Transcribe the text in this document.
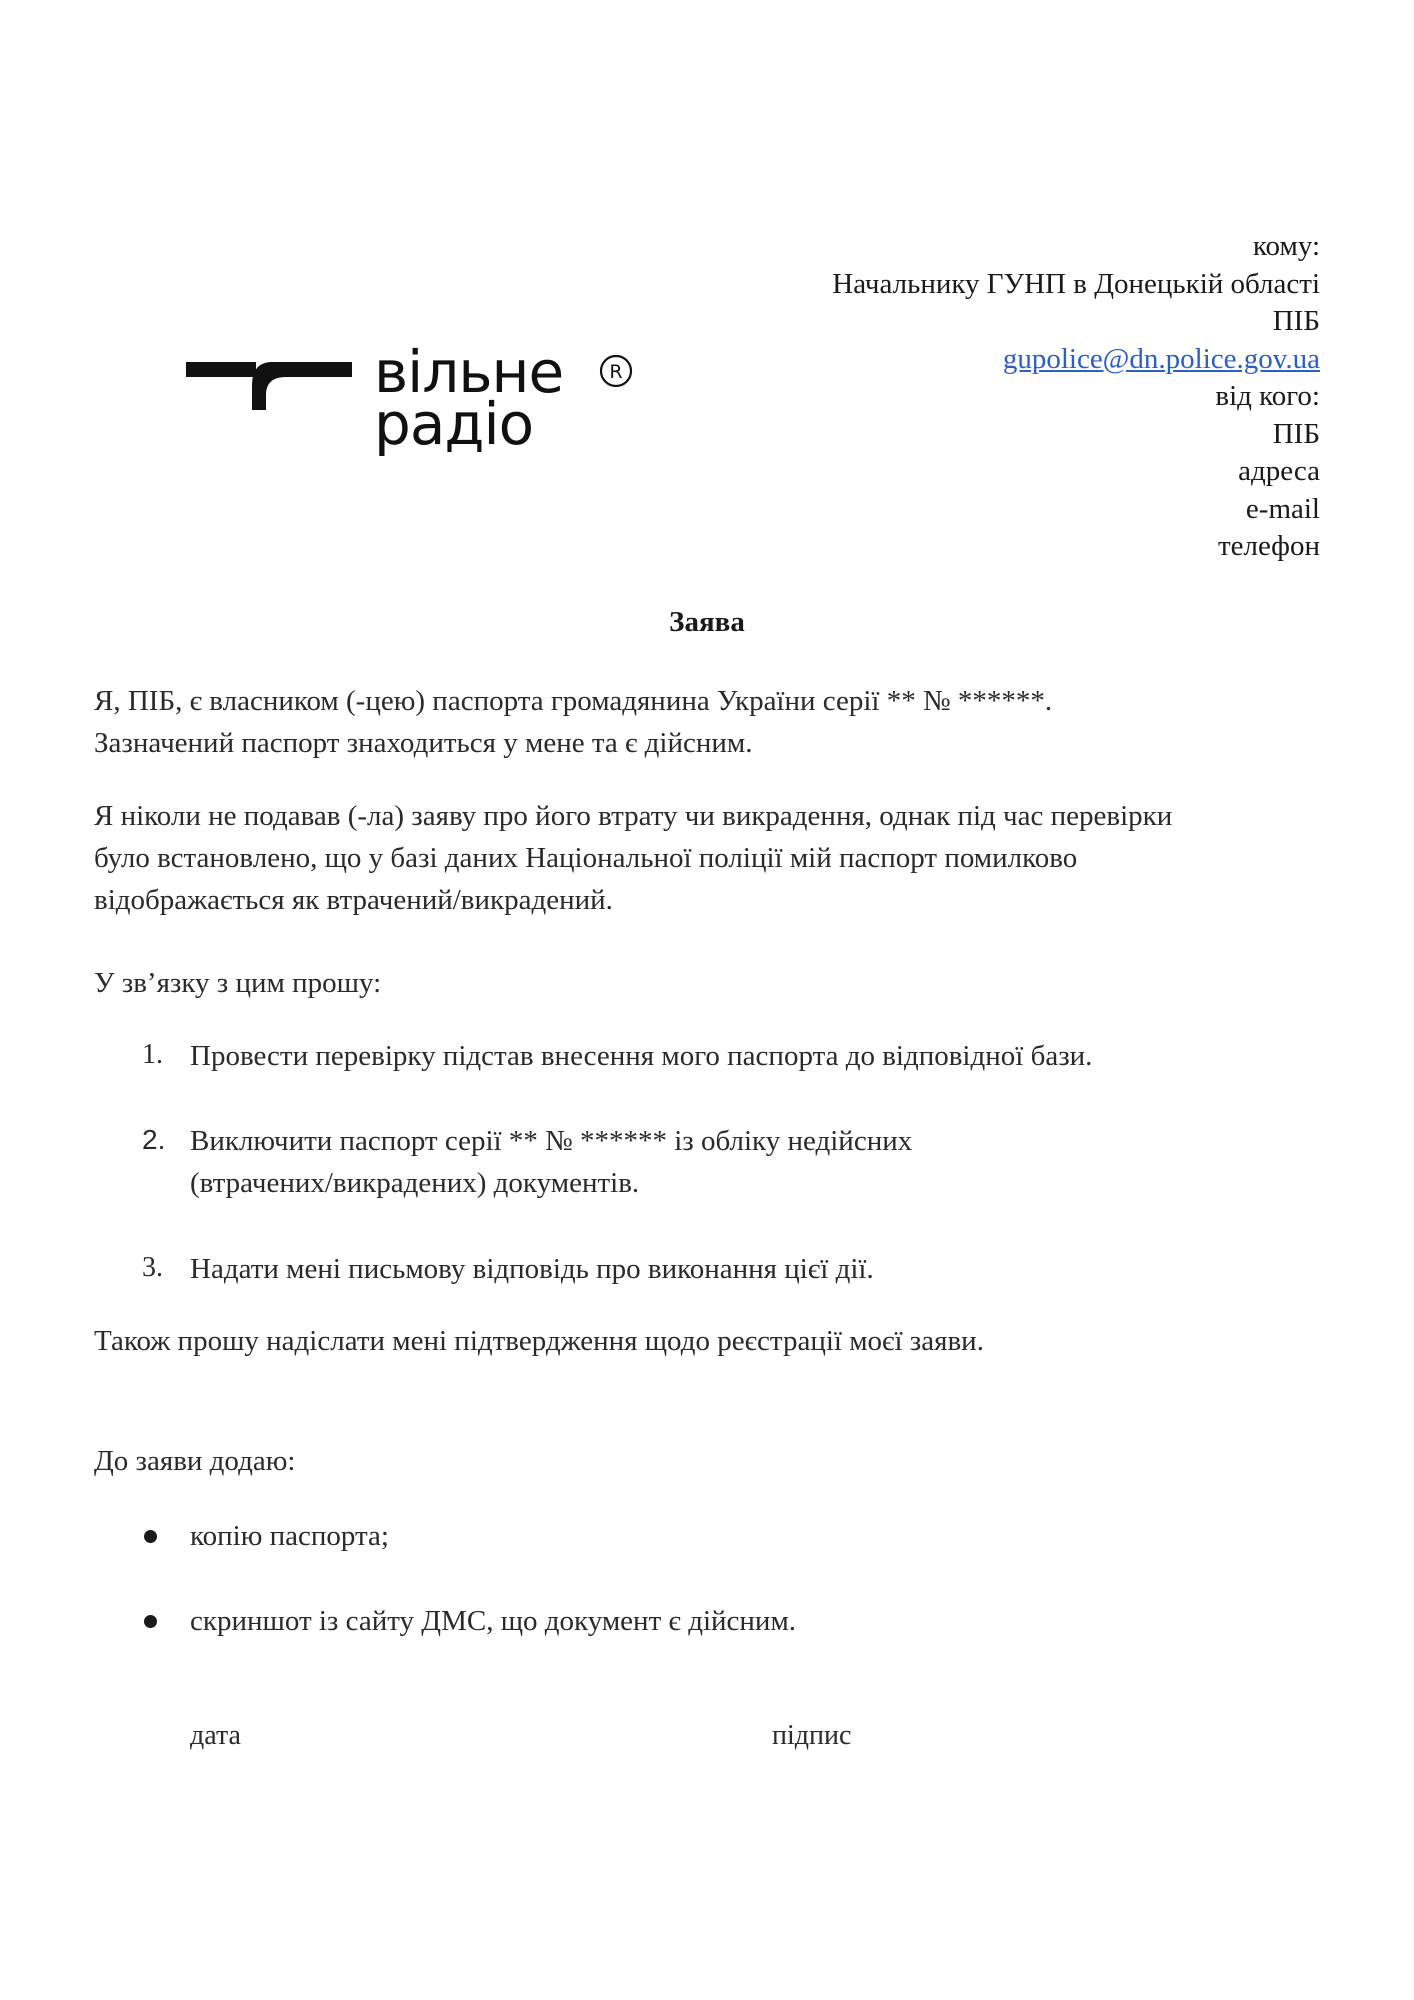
вільне
радіо
R
кому:
Начальнику ГУНП в Донецькій області
ПІБ
gupolice@dn.police.gov.ua
від кого:
ПІБ
адреса
e-mail
телефон
Заява
Я, ПІБ, є власником (-цею) паспорта громадянина України серії ** № ******.
Зазначений паспорт знаходиться у мене та є дійсним.
Я ніколи не подавав (-ла) заяву про його втрату чи викрадення, однак під час перевірки
було встановлено, що у базі даних Національної поліції мій паспорт помилково
відображається як втрачений/викрадений.
У зв’язку з цим прошу:
1. Провести перевірку підстав внесення мого паспорта до відповідної бази.
2. Виключити паспорт серії ** № ****** із обліку недійсних
(втрачених/викрадених) документів.
3. Надати мені письмову відповідь про виконання цієї дії.
Також прошу надіслати мені підтвердження щодо реєстрації моєї заяви.
До заяви додаю:
копію паспорта;
скриншот із сайту ДМС, що документ є дійсним.
дата	підпис
